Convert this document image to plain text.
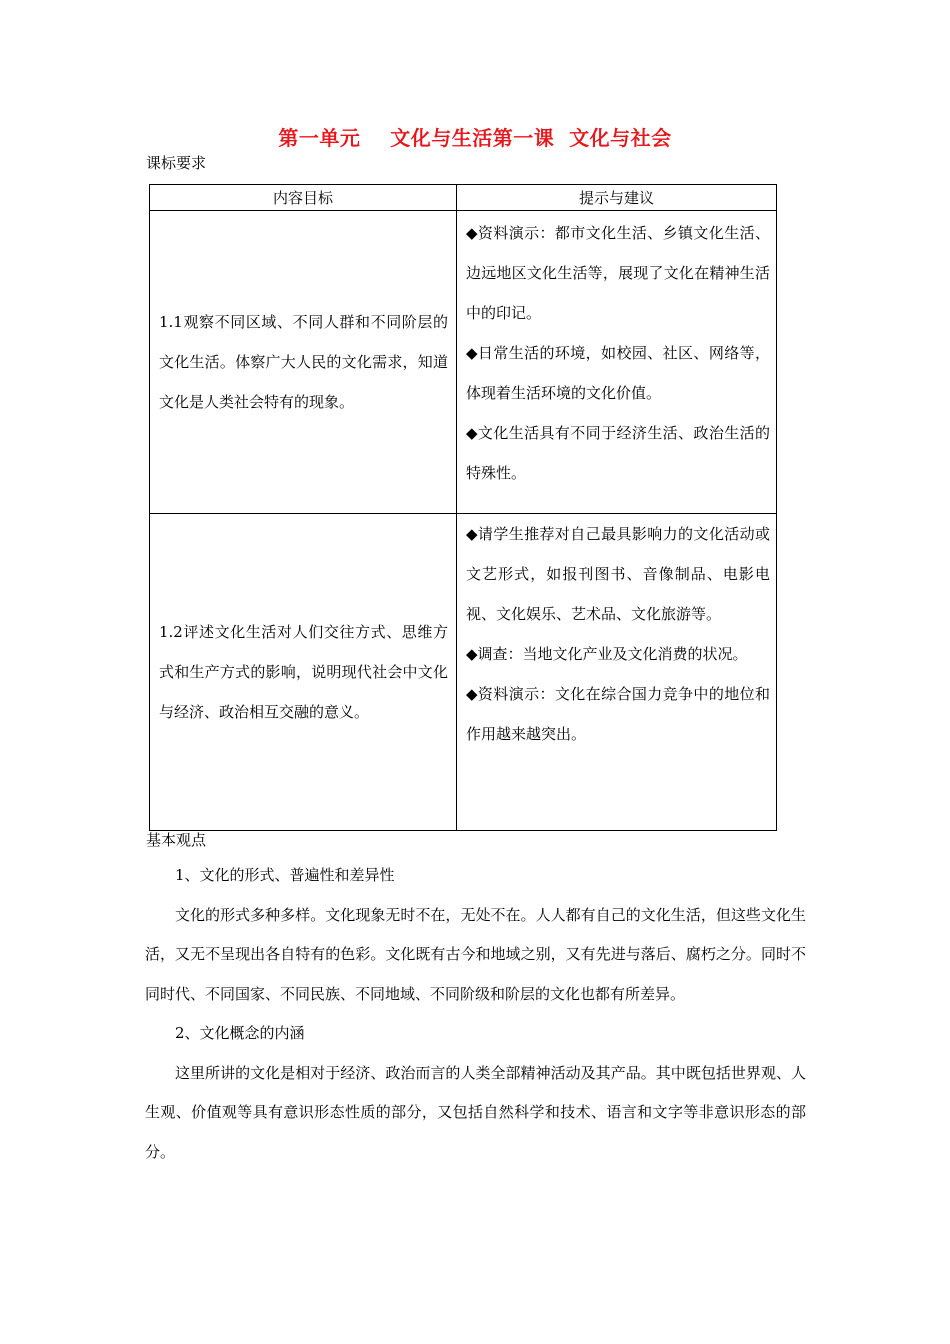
第一单元    文化与生活第一课  文化与社会
课标要求
内容目标	提示与建议
1.1观察不同区域、不同人群和不同阶层的文化生活。体察广大人民的文化需求，知道文化是人类社会特有的现象。	◆资料演示：都市文化生活、乡镇文化生活、边远地区文化生活等，展现了文化在精神生活中的印记。

◆日常生活的环境，如校园、社区、网络等，体现着生活环境的文化价值。

◆文化生活具有不同于经济生活、政治生活的特殊性。

1.2评述文化生活对人们交往方式、思维方式和生产方式的影响，说明现代社会中文化与经济、政治相互交融的意义。	◆请学生推荐对自己最具影响力的文化活动或文艺形式，如报刊图书、音像制品、电影电视、文化娱乐、艺术品、文化旅游等。

◆调查：当地文化产业及文化消费的状况。

◆资料演示：文化在综合国力竞争中的地位和作用越来越突出。

基本观点

1、文化的形式、普遍性和差异性

文化的形式多种多样。文化现象无时不在，无处不在。人人都有自己的文化生活，但这些文化生活，又无不呈现出各自特有的色彩。文化既有古今和地域之别，又有先进与落后、腐朽之分。同时不同时代、不同国家、不同民族、不同地域、不同阶级和阶层的文化也都有所差异。

2、文化概念的内涵

这里所讲的文化是相对于经济、政治而言的人类全部精神活动及其产品。其中既包括世界观、人生观、价值观等具有意识形态性质的部分，又包括自然科学和技术、语言和文字等非意识形态的部分。
